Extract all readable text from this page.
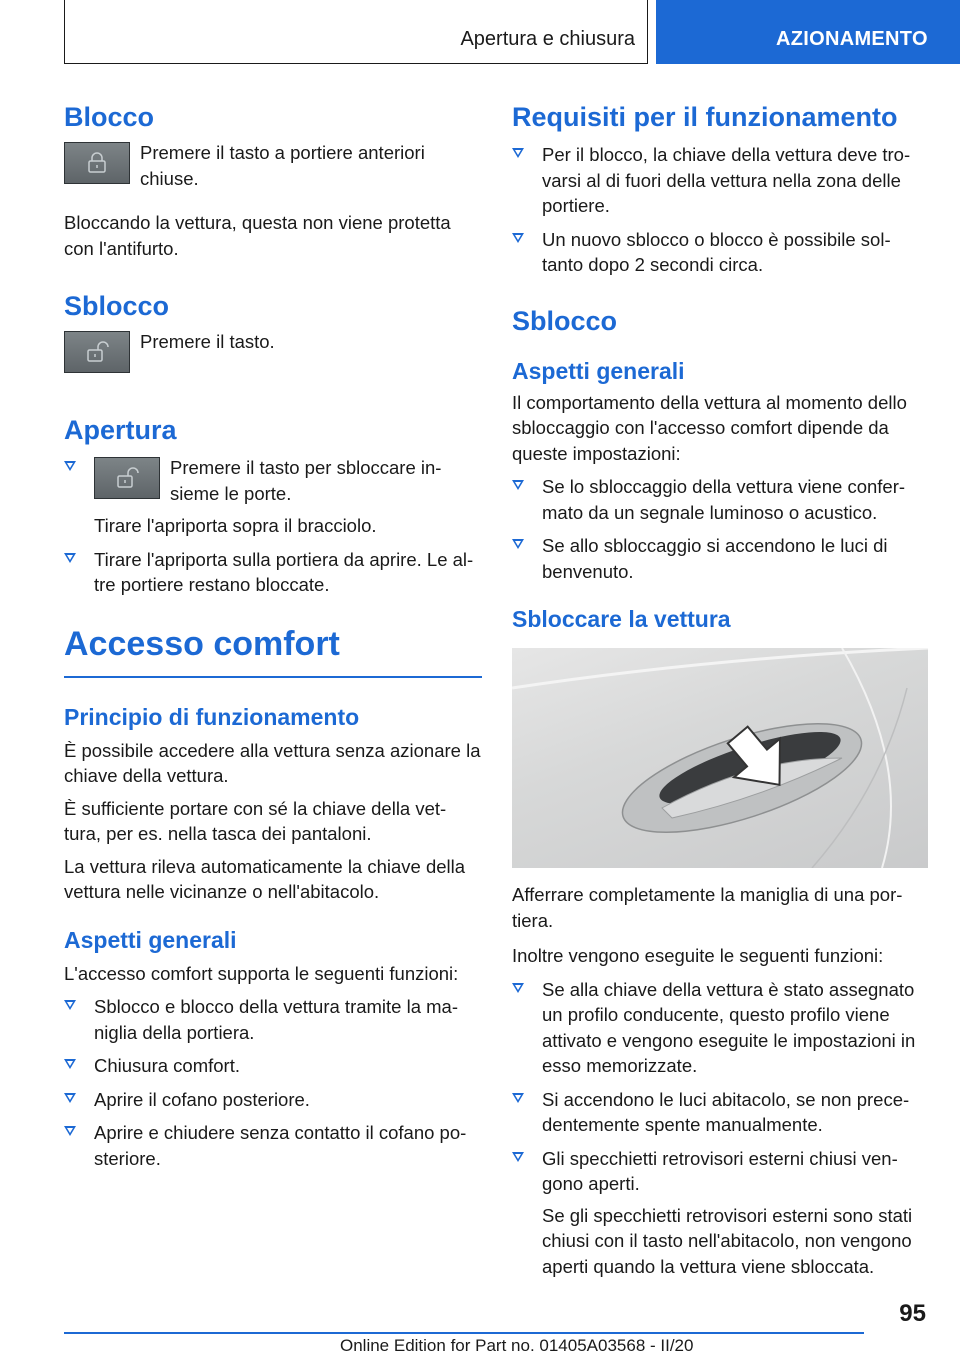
Apertura e chiusura	AZIONAMENTO
Blocco

Premere il tasto a portiere anteriori chiuse.

Bloccando la vettura, questa non viene protetta con l'antifurto.

Sblocco

Premere il tasto.

Apertura

Premere il tasto per sbloccare in-sieme le porte.

Tirare l'apriporta sopra il bracciolo.

Tirare l'apriporta sulla portiera da aprire. Le al-tre portiere restano bloccate.
Accesso comfort
Principio di funzionamento

È possibile accedere alla vettura senza azionare la chiave della vettura.

È sufficiente portare con sé la chiave della vet-tura, per es. nella tasca dei pantaloni.

La vettura rileva automaticamente la chiave della vettura nelle vicinanze o nell'abitacolo.

Aspetti generali

L'accesso comfort supporta le seguenti funzioni:

Sblocco e blocco della vettura tramite la ma-niglia della portiera.
Chiusura comfort.
Aprire il cofano posteriore.
Aprire e chiudere senza contatto il cofano po-steriore.
Requisiti per il funzionamento
Per il blocco, la chiave della vettura deve tro-varsi al di fuori della vettura nella zona delle portiere.
Un nuovo sblocco o blocco è possibile sol-tanto dopo 2 secondi circa.
Sblocco
Aspetti generali

Il comportamento della vettura al momento dello sbloccaggio con l'accesso comfort dipende da queste impostazioni:

Se lo sbloccaggio della vettura viene confer-mato da un segnale luminoso o acustico.
Se allo sbloccaggio si accendono le luci di benvenuto.
Sbloccare la vettura

Afferrare completamente la maniglia di una por-tiera.

Inoltre vengono eseguite le seguenti funzioni:

Se alla chiave della vettura è stato assegnato un profilo conducente, questo profilo viene attivato e vengono eseguite le impostazioni in esso memorizzate.
Si accendono le luci abitacolo, se non prece-dentemente spente manualmente.
Gli specchietti retrovisori esterni chiusi ven-gono aperti.

Se gli specchietti retrovisori esterni sono stati chiusi con il tasto nell'abitacolo, non vengono aperti quando la vettura viene sbloccata.

95
Online Edition for Part no. 01405A03568 - II/20
